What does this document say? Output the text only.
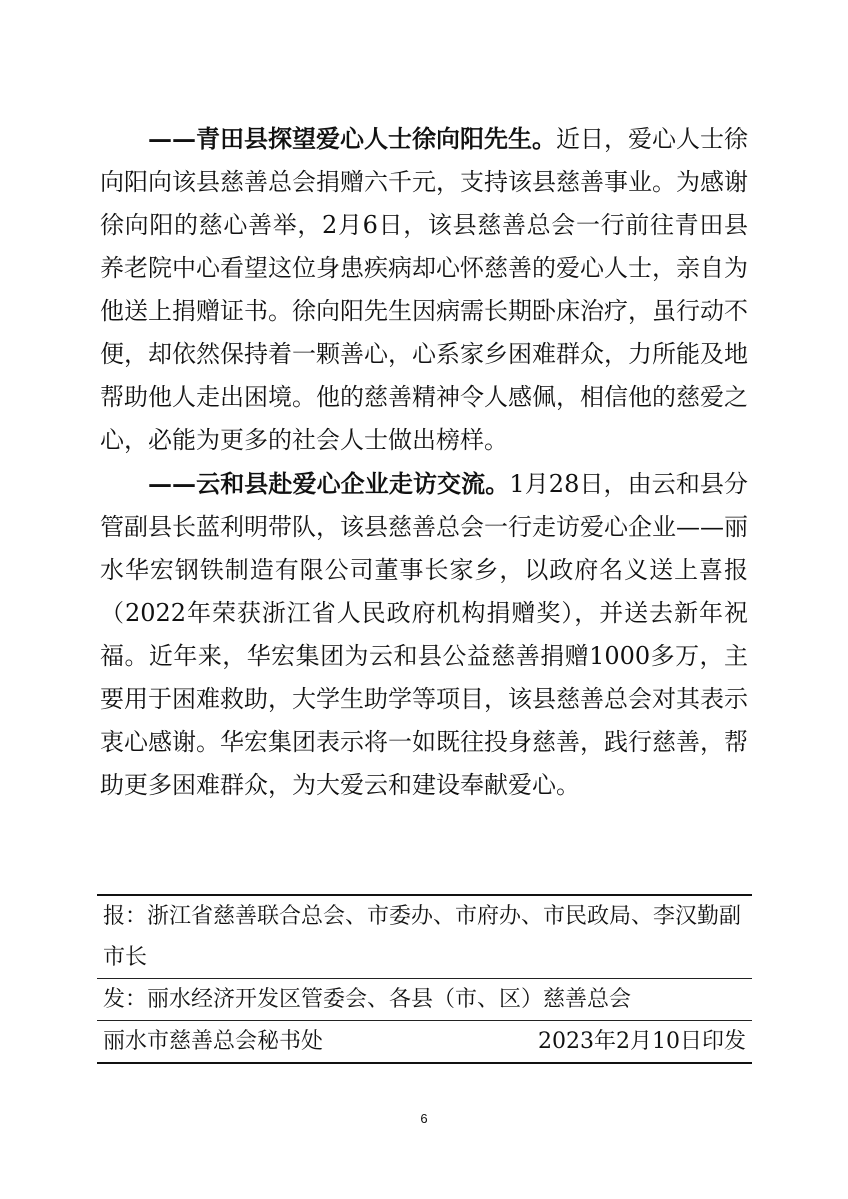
——青田县探望爱心人士徐向阳先生。近日，爱心人士徐向阳向该县慈善总会捐赠六千元，支持该县慈善事业。为感谢徐向阳的慈心善举，2月6日，该县慈善总会一行前往青田县养老院中心看望这位身患疾病却心怀慈善的爱心人士，亲自为他送上捐赠证书。徐向阳先生因病需长期卧床治疗，虽行动不便，却依然保持着一颗善心，心系家乡困难群众，力所能及地帮助他人走出困境。他的慈善精神令人感佩，相信他的慈爱之心，必能为更多的社会人士做出榜样。

——云和县赴爱心企业走访交流。1月28日，由云和县分管副县长蓝利明带队，该县慈善总会一行走访爱心企业——丽水华宏钢铁制造有限公司董事长家乡，以政府名义送上喜报（2022年荣获浙江省人民政府机构捐赠奖），并送去新年祝福。近年来，华宏集团为云和县公益慈善捐赠1000多万，主要用于困难救助，大学生助学等项目，该县慈善总会对其表示衷心感谢。华宏集团表示将一如既往投身慈善，践行慈善，帮助更多困难群众，为大爱云和建设奉献爱心。

报：浙江省慈善联合总会、市委办、市府办、市民政局、李汉勤副市长
发：丽水经济开发区管委会、各县（市、区）慈善总会
丽水市慈善总会秘书处	2023年2月10日印发
6
